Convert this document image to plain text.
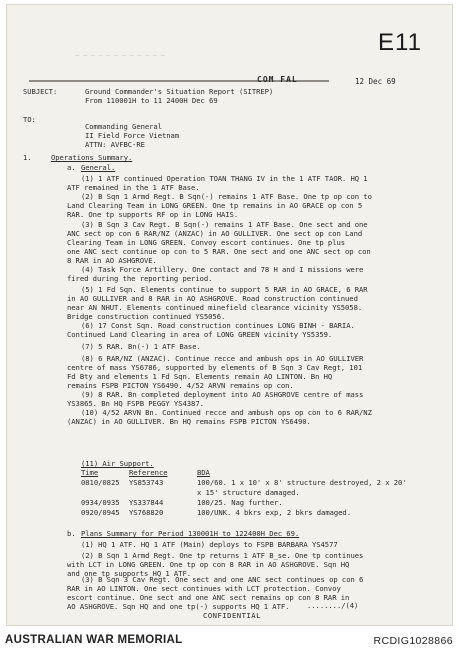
E11
— — — — — — — — — — — —
COM FAL	12 Dec 69
SUBJECT:	Ground Commander's Situation Report (SITREP)
From 110001H to 11 2400H Dec 69
TO:
Commanding General
II Field Force Vietnam
ATTN: AVFBC-RE
1.	Operations Summary.
a. General.
(1) 1 ATF continued Operation TOAN THANG IV in the 1 ATF TAOR. HQ 1
ATF remained in the 1 ATF Base.
(2) B Sqn 1 Armd Regt. B Sqn(-) remains 1 ATF Base. One tp op con to
Land Clearing Team in LONG GREEN. One tp remains in AO GRACE op con 5
RAR. One tp supports RF op in LONG HAIS.
(3) B Sqn 3 Cav Regt. B Sqn(-) remains 1 ATF Base. One sect and one
ANC sect op con 6 RAR/NZ (ANZAC) in AO GULLIVER. One sect op con Land
Clearing Team in LONG GREEN. Convoy escort continues. One tp plus
one ANC sect continue op con to 5 RAR. One sect and one ANC sect op con
8 RAR in AO ASHGROVE.
(4) Task Force Artillery. One contact and 78 H and I missions were
fired during the reporting period.
(5) 1 Fd Sqn. Elements continue to support 5 RAR in AO GRACE, 6 RAR
in AO GULLIVER and 8 RAR in AO ASHGROVE. Road construction continued
near AN NHUT. Elements continued minefield clearance vicinity YS5058.
Bridge construction continued YS5056.
(6) 17 Const Sqn. Road construction continues LONG BINH - BARIA.
Continued Land Clearing in area of LONG GREEN vicinity YS5359.
(7) 5 RAR. Bn(-) 1 ATF Base.
(8) 6 RAR/NZ (ANZAC). Continue recce and ambush ops in AO GULLIVER
centre of mass YS6786, supported by elements of B Sqn 3 Cav Regt, 101
Fd Bty and elements 1 Fd Sqn. Elements remain AO LINTON. Bn HQ
remains FSPB PICTON YS6490. 4/52 ARVN remains op con.
(9) 8 RAR. Bn completed deployment into AO ASHGROVE centre of mass
YS3865. Bn HQ FSPB PEGGY YS4387.
(10) 4/52 ARVN Bn. Continued recce and ambush ops op con to 6 RAR/NZ
(ANZAC) in AO GULLIVER. Bn HQ remains FSPB PICTON YS6490.
(11) Air Support.
Time	Reference	BDA
0810/0825 YS853743	100/60. 1 x 10' x 8' structure destroyed, 2 x 20'
x 15' structure damaged.
0934/0935 YS337844	100/25. Nag further.
0920/0945 YS768820	100/UNK. 4 bkrs exp, 2 bkrs damaged.
b. Plans Summary for Period 130001H to 122400H Dec 69.
(1) HQ 1 ATF. HQ 1 ATF (Main) deploys to FSPB BARBARA YS4577
(2) B Sqn 1 Armd Regt. One tp returns 1 ATF B_se. One tp continues
with LCT in LONG GREEN. One tp op con 8 RAR in AO ASHGROVE. Sqn HQ
and one tp supports HQ 1 ATF.
(3) B Sqn 3 Cav Regt. One sect and one ANC sect continues op con 6
RAR in AO LINTON. One sect continues with LCT protection. Convoy
escort continue. One sect and one ANC sect remains op con 8 RAR in
AO ASHGROVE. Sqn HQ and one tp(-) supports HQ 1 ATF. ......../(4)
CONFIDENTIAL
AUSTRALIAN WAR MEMORIAL	RCDIG1028866
